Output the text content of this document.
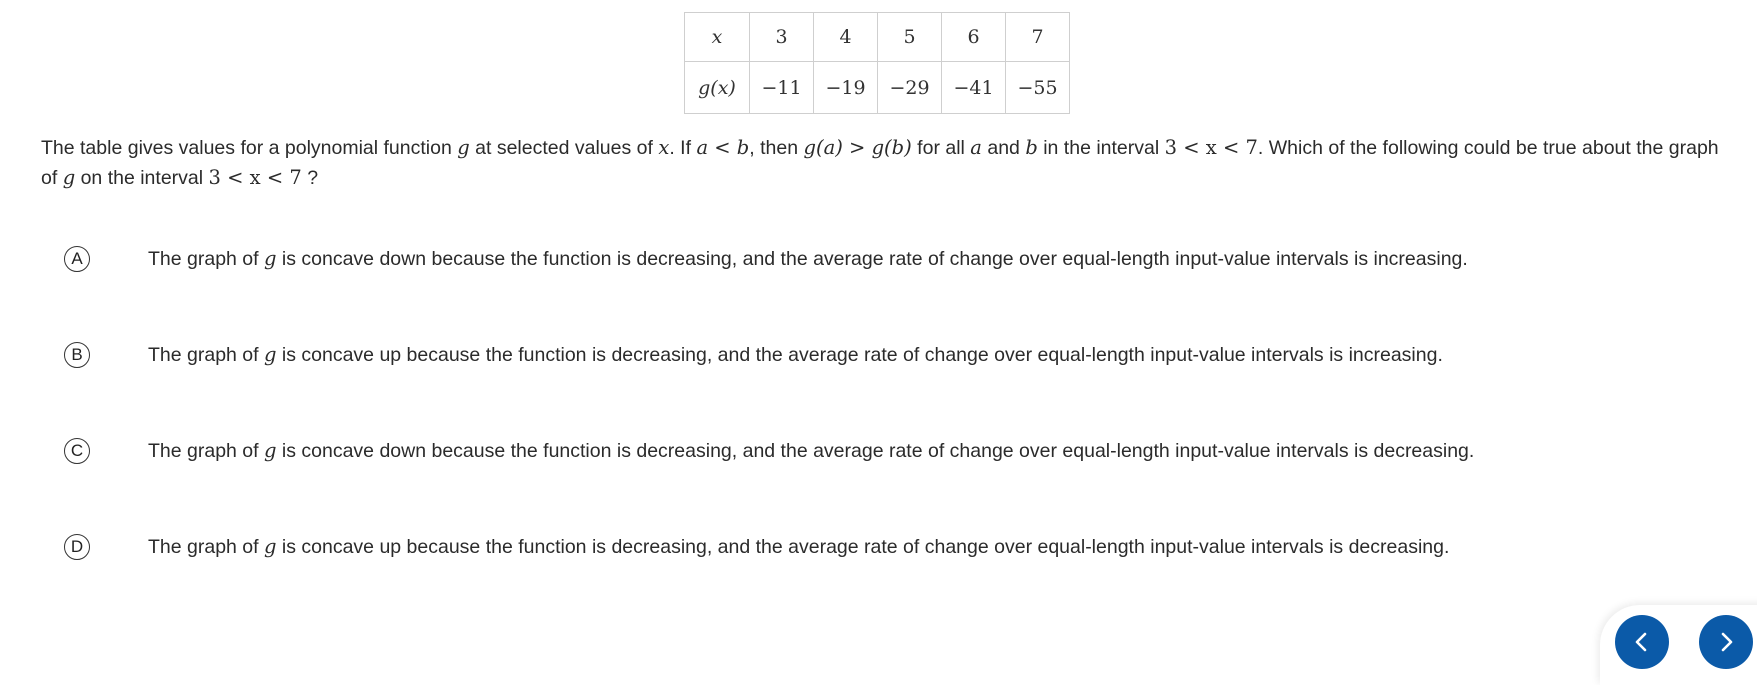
x	3	4	5	6	7
g(x)	−11	−19	−29	−41	−55

The table gives values for a polynomial function g at selected values of x. If a < b, then g(a) > g(b) for all a and b in the interval 3 < x < 7. Which of the following could be true about the graph of g on the interval 3 < x < 7 ?

A	The graph of g is concave down because the function is decreasing, and the average rate of change over equal-length input-value intervals is increasing.
B	The graph of g is concave up because the function is decreasing, and the average rate of change over equal-length input-value intervals is increasing.
C	The graph of g is concave down because the function is decreasing, and the average rate of change over equal-length input-value intervals is decreasing.
D	The graph of g is concave up because the function is decreasing, and the average rate of change over equal-length input-value intervals is decreasing.
